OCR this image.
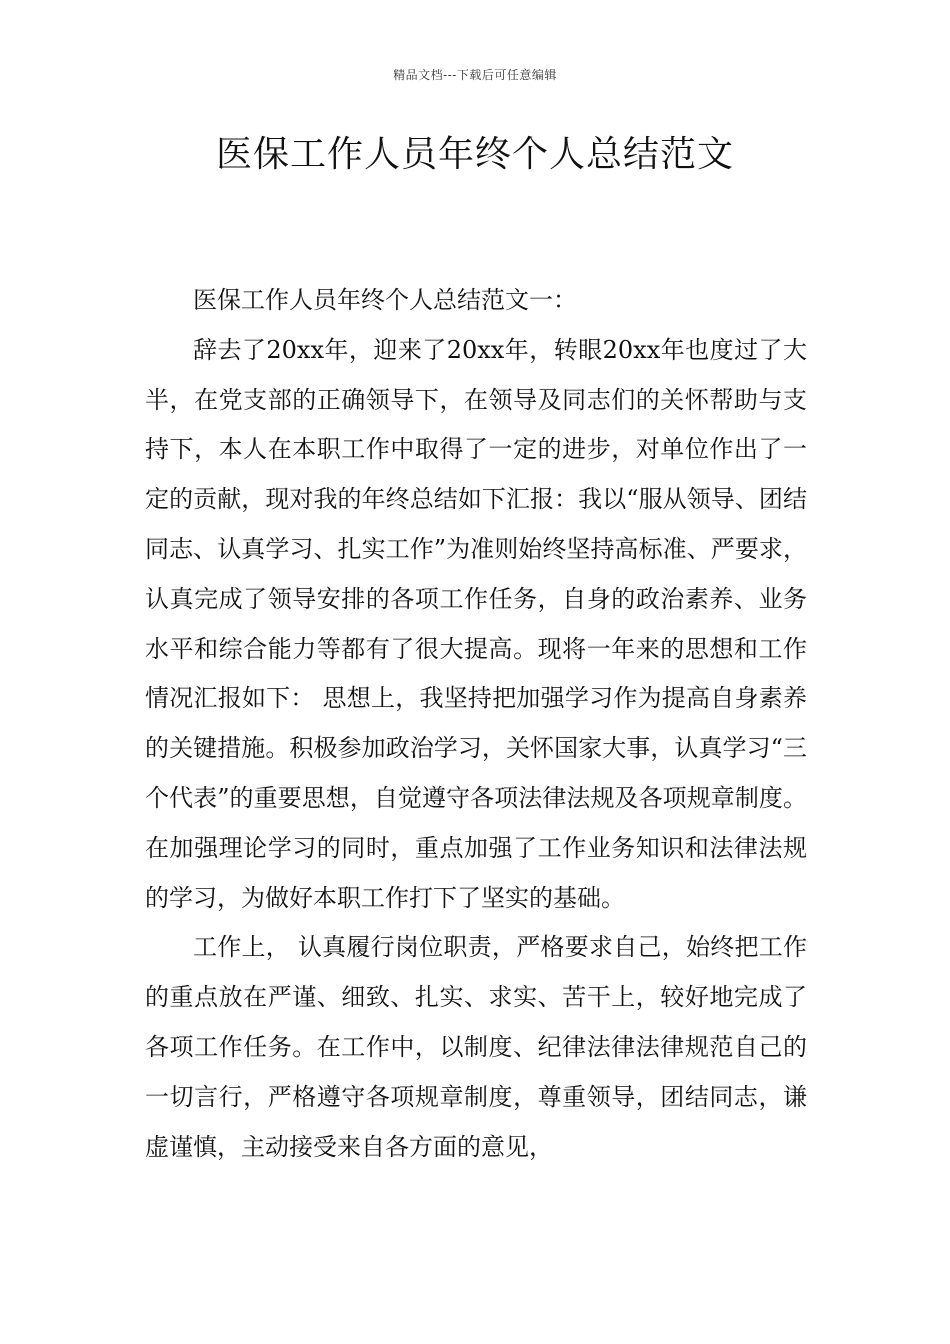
精品文档---下载后可任意编辑
医保工作人员年终个人总结范文

医保工作人员年终个人总结范文一：

辞去了20xx年，迎来了20xx年，转眼20xx年也度过了大半，在党支部的正确领导下，在领导及同志们的关怀帮助与支持下，本人在本职工作中取得了一定的进步，对单位作出了一定的贡献，现对我的年终总结如下汇报：我以“服从领导、团结同志、认真学习、扎实工作”为准则始终坚持高标准、严要求，认真完成了领导安排的各项工作任务，自身的政治素养、业务水平和综合能力等都有了很大提高。现将一年来的思想和工作情况汇报如下： 思想上，我坚持把加强学习作为提高自身素养的关键措施。积极参加政治学习，关怀国家大事，认真学习“三个代表”的重要思想，自觉遵守各项法律法规及各项规章制度。在加强理论学习的同时，重点加强了工作业务知识和法律法规的学习，为做好本职工作打下了坚实的基础。

工作上， 认真履行岗位职责，严格要求自己，始终把工作的重点放在严谨、细致、扎实、求实、苦干上，较好地完成了各项工作任务。在工作中，以制度、纪律法律法律规范自己的一切言行，严格遵守各项规章制度，尊重领导，团结同志，谦虚谨慎，主动接受来自各方面的意见，
